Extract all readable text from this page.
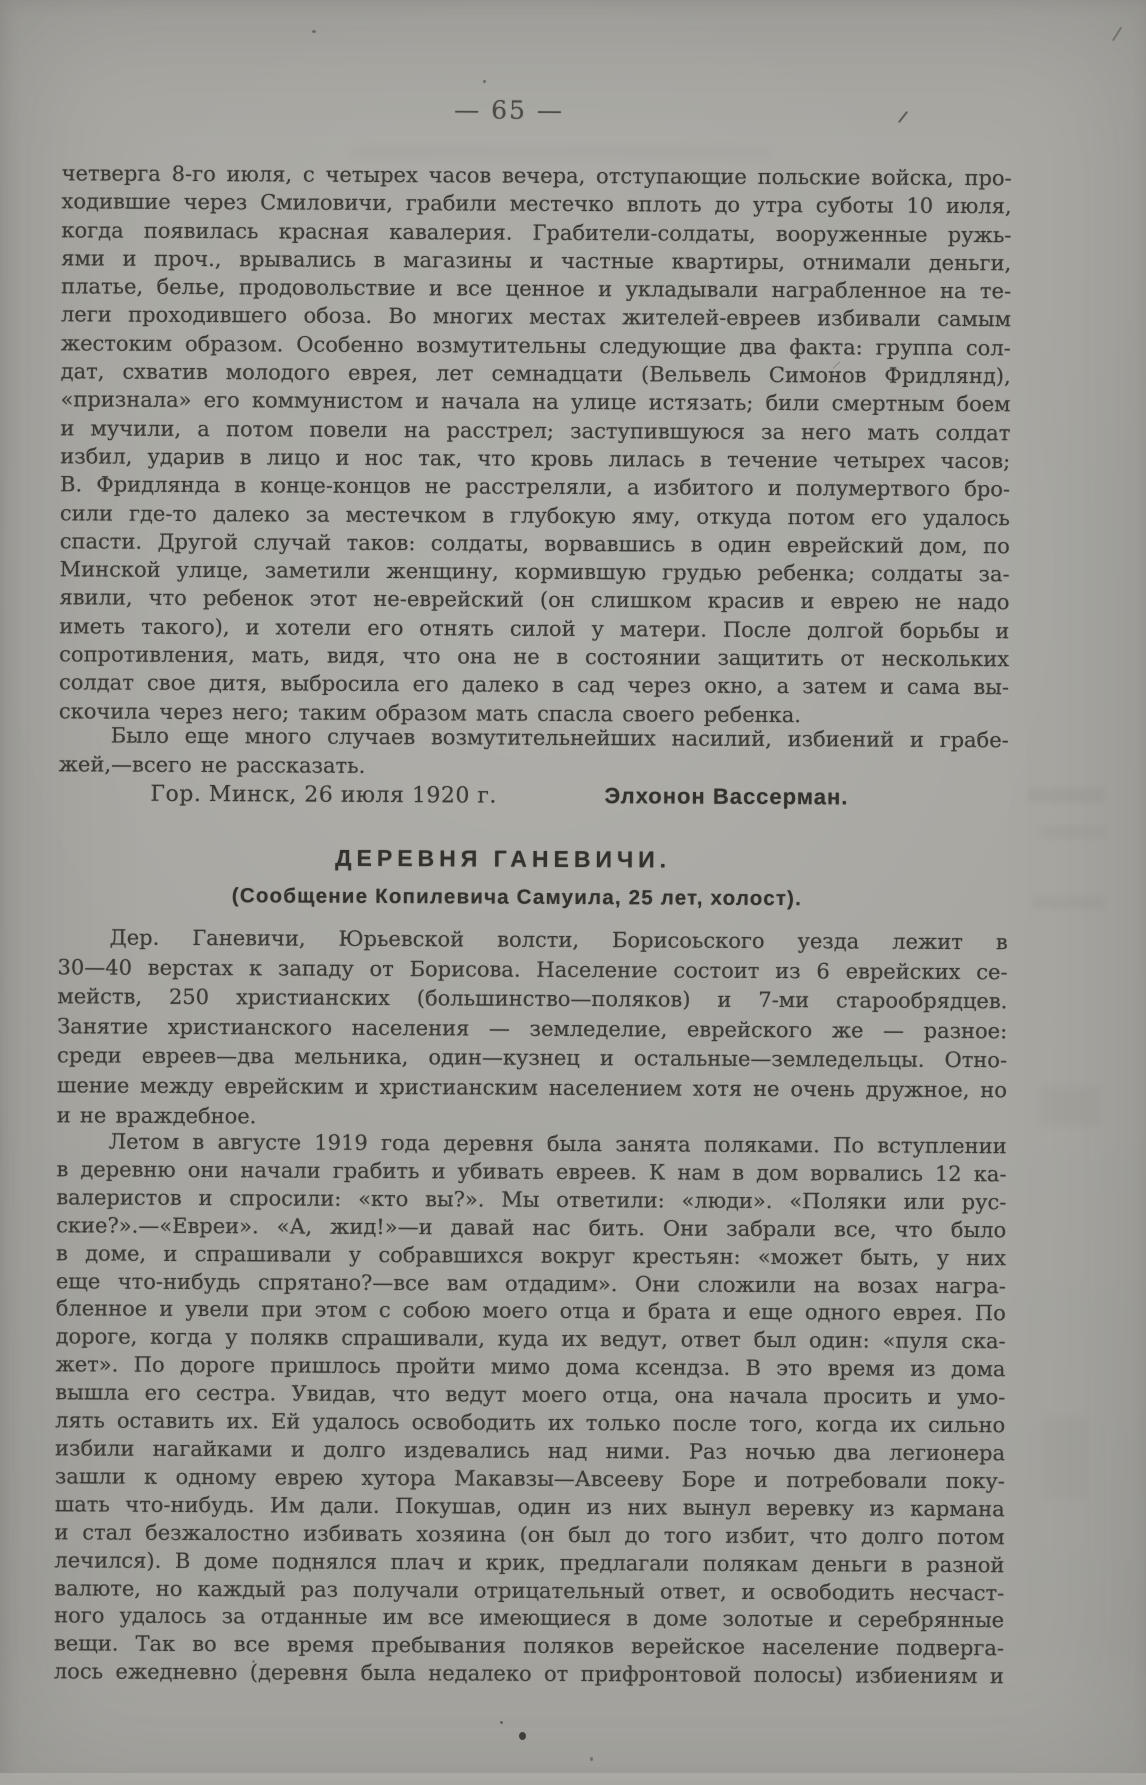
— 65 —
четверга 8-го июля, с четырех часов вечера, отступающие польские войска, про-
ходившие через Смиловичи, грабили местечко вплоть до утра суботы 10 июля,
когда появилась красная кавалерия. Грабители-солдаты, вооруженные ружь-
ями и проч., врывались в магазины и частные квартиры, отнимали деньги,
платье, белье, продовольствие и все ценное и укладывали награбленное на те-
леги проходившего обоза. Во многих местах жителей-евреев избивали самым
жестоким образом. Особенно возмутительны следующие два факта: группа сол-
дат, схватив молодого еврея, лет семнадцати (Вельвель Симонов Фридлянд),
«признала» его коммунистом и начала на улице истязать; били смертным боем
и мучили, а потом повели на расстрел; заступившуюся за него мать солдат
избил, ударив в лицо и нос так, что кровь лилась в течение четырех часов;
В. Фридлянда в конце-концов не расстреляли, а избитого и полумертвого бро-
сили где-то далеко за местечком в глубокую яму, откуда потом его удалось
спасти. Другой случай таков: солдаты, ворвавшись в один еврейский дом, по
Минской улице, заметили женщину, кормившую грудью ребенка; солдаты за-
явили, что ребенок этот не-еврейский (он слишком красив и еврею не надо
иметь такого), и хотели его отнять силой у матери. После долгой борьбы и
сопротивления, мать, видя, что она не в состоянии защитить от нескольких
солдат свое дитя, выбросила его далеко в сад через окно, а затем и сама вы-
скочила через него; таким образом мать спасла своего ребенка.
Было еще много случаев возмутительнейших насилий, избиений и грабе-
жей,—всего не рассказать.
Гор. Минск, 26 июля 1920 г.	Элхонон Вассерман.
ДЕРЕВНЯ ГАНЕВИЧИ.
(Сообщение Копилевича Самуила, 25 лет, холост).
Дер. Ганевичи, Юрьевской волсти, Борисоьского уезда лежит в
30—40 верстах к западу от Борисова. Население состоит из 6 еврейских се-
мейств, 250 христианских (большинство—поляков) и 7-ми старообрядцев.
Занятие христианского населения — земледелие, еврейского же — разное:
среди евреев—два мельника, один—кузнец и остальные—земледельцы. Отно-
шение между еврейским и христианским населением хотя не очень дружное, но
и не враждебное.
Летом в августе 1919 года деревня была занята поляками. По вступлении
в деревню они начали грабить и убивать евреев. К нам в дом ворвались 12 ка-
валеристов и спросили: «кто вы?». Мы ответили: «люди». «Поляки или рус-
ские?».—«Евреи». «А, жид!»—и давай нас бить. Они забрали все, что было
в доме, и спрашивали у собравшихся вокруг крестьян: «может быть, у них
еще что-нибудь спрятано?—все вам отдадим». Они сложили на возах награ-
бленное и увели при этом с собою моего отца и брата и еще одного еврея. По
дороге, когда у полякв спрашивали, куда их ведут, ответ был один: «пуля ска-
жет». По дороге пришлось пройти мимо дома ксендза. В это время из дома
вышла его сестра. Увидав, что ведут моего отца, она начала просить и умо-
лять оставить их. Ей удалось освободить их только после того, когда их сильно
избили нагайками и долго издевались над ними. Раз ночью два легионера
зашли к одному еврею хутора Макавзы—Авсееву Боре и потребовали поку-
шать что-нибудь. Им дали. Покушав, один из них вынул веревку из кармана
и стал безжалостно избивать хозяина (он был до того избит, что долго потом
лечился). В доме поднялся плач и крик, предлагали полякам деньги в разной
валюте, но каждый раз получали отрицательный ответ, и освободить несчаст-
ного удалось за отданные им все имеющиеся в доме золотые и серебрянные
вещи. Так во все время пребывания поляков верейское население подверга-
лось ежедневно (деревня была недалеко от прифронтовой полосы) избиениям и
